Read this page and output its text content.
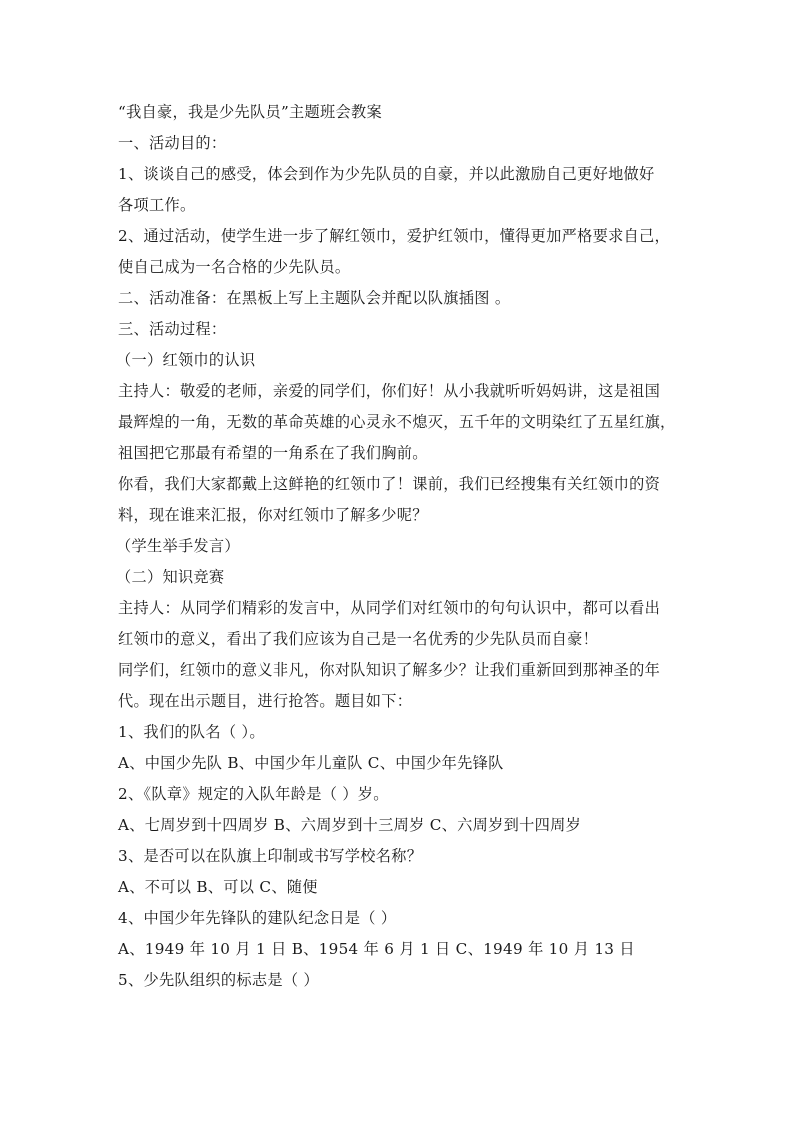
“我自豪，我是少先队员”主题班会教案
一、活动目的：
1、谈谈自己的感受，体会到作为少先队员的自豪，并以此激励自己更好地做好
各项工作。
2、通过活动，使学生进一步了解红领巾，爱护红领巾，懂得更加严格要求自己，
使自己成为一名合格的少先队员。
二、活动准备：在黑板上写上主题队会并配以队旗插图 。
三、活动过程：
（一）红领巾的认识
主持人：敬爱的老师，亲爱的同学们，你们好！从小我就听听妈妈讲，这是祖国
最辉煌的一角，无数的革命英雄的心灵永不熄灭，五千年的文明染红了五星红旗，
祖国把它那最有希望的一角系在了我们胸前。
你看，我们大家都戴上这鲜艳的红领巾了！课前，我们已经搜集有关红领巾的资
料，现在谁来汇报，你对红领巾了解多少呢？
（学生举手发言）
（二）知识竞赛
主持人：从同学们精彩的发言中，从同学们对红领巾的句句认识中，都可以看出
红领巾的意义，看出了我们应该为自己是一名优秀的少先队员而自豪！
同学们，红领巾的意义非凡，你对队知识了解多少？让我们重新回到那神圣的年
代。现在出示题目，进行抢答。题目如下：
1、我们的队名（ ）。
A、中国少先队 B、中国少年儿童队 C、中国少年先锋队
2、《队章》规定的入队年龄是（ ）岁。
A、七周岁到十四周岁 B、六周岁到十三周岁 C、六周岁到十四周岁
3、是否可以在队旗上印制或书写学校名称？
A、不可以 B、可以 C、随便
4、中国少年先锋队的建队纪念日是（ ）
A、1949 年 10 月 1 日 B、1954 年 6 月 1 日 C、1949 年 10 月 13 日
5、少先队组织的标志是（ ）
